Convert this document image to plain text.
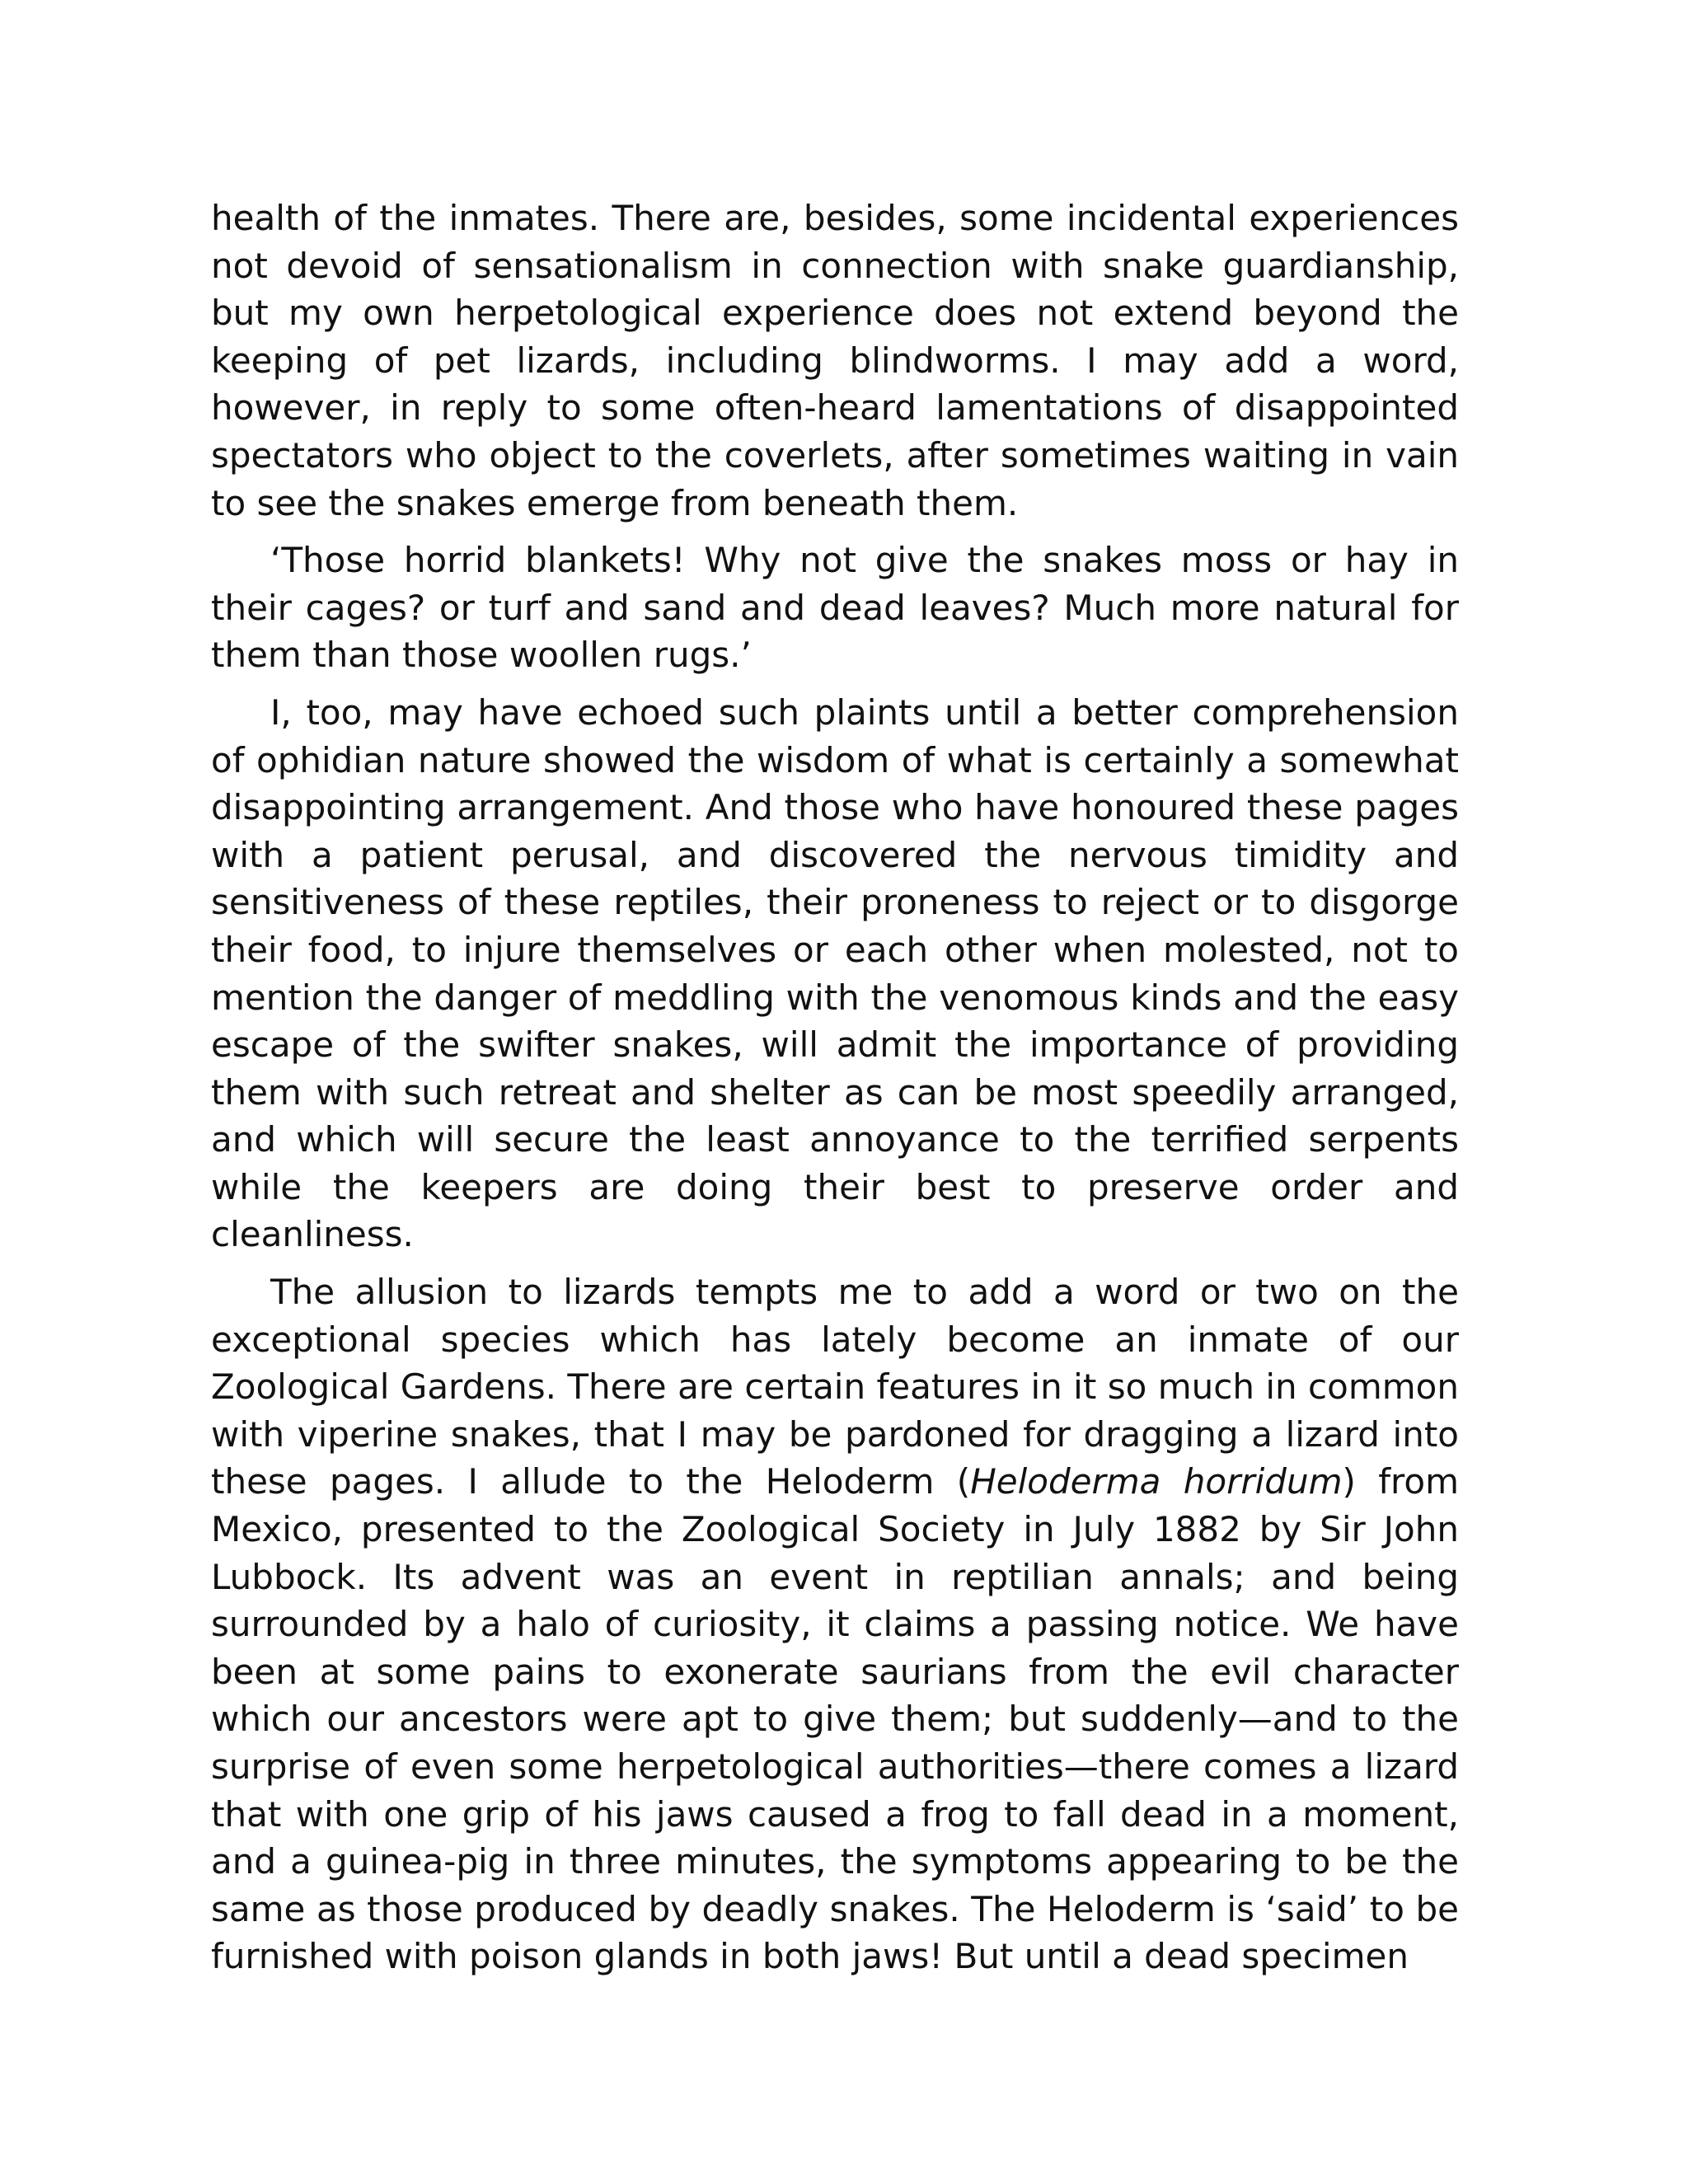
health of the inmates. There are, besides, some incidental experiences not devoid of sensationalism in connection with snake guardianship, but my own herpetological experience does not extend beyond the keeping of pet lizards, including blindworms. I may add a word, however, in reply to some often-heard lamentations of disappointed spectators who object to the coverlets, after sometimes waiting in vain to see the snakes emerge from beneath them.

‘Those horrid blankets! Why not give the snakes moss or hay in their cages? or turf and sand and dead leaves? Much more natural for them than those woollen rugs.’

I, too, may have echoed such plaints until a better comprehension of ophidian nature showed the wisdom of what is certainly a somewhat disappointing arrangement. And those who have honoured these pages with a patient perusal, and discovered the nervous timidity and sensitiveness of these reptiles, their proneness to reject or to disgorge their food, to injure themselves or each other when molested, not to mention the danger of meddling with the venomous kinds and the easy escape of the swifter snakes, will admit the importance of providing them with such retreat and shelter as can be most speedily arranged, and which will secure the least annoyance to the terrified serpents while the keepers are doing their best to preserve order and cleanliness.

The allusion to lizards tempts me to add a word or two on the exceptional species which has lately become an inmate of our Zoological Gardens. There are certain features in it so much in common with viperine snakes, that I may be pardoned for dragging a lizard into these pages. I allude to the Heloderm (Heloderma horridum) from Mexico, presented to the Zoological Society in July 1882 by Sir John Lubbock. Its advent was an event in reptilian annals; and being surrounded by a halo of curiosity, it claims a passing notice. We have been at some pains to exonerate saurians from the evil character which our ancestors were apt to give them; but suddenly—and to the surprise of even some herpetological authorities—there comes a lizard that with one grip of his jaws caused a frog to fall dead in a moment, and a guinea-pig in three minutes, the symptoms appearing to be the same as those produced by deadly snakes. The Heloderm is ‘said’ to be furnished with poison glands in both jaws! But until a dead specimen
